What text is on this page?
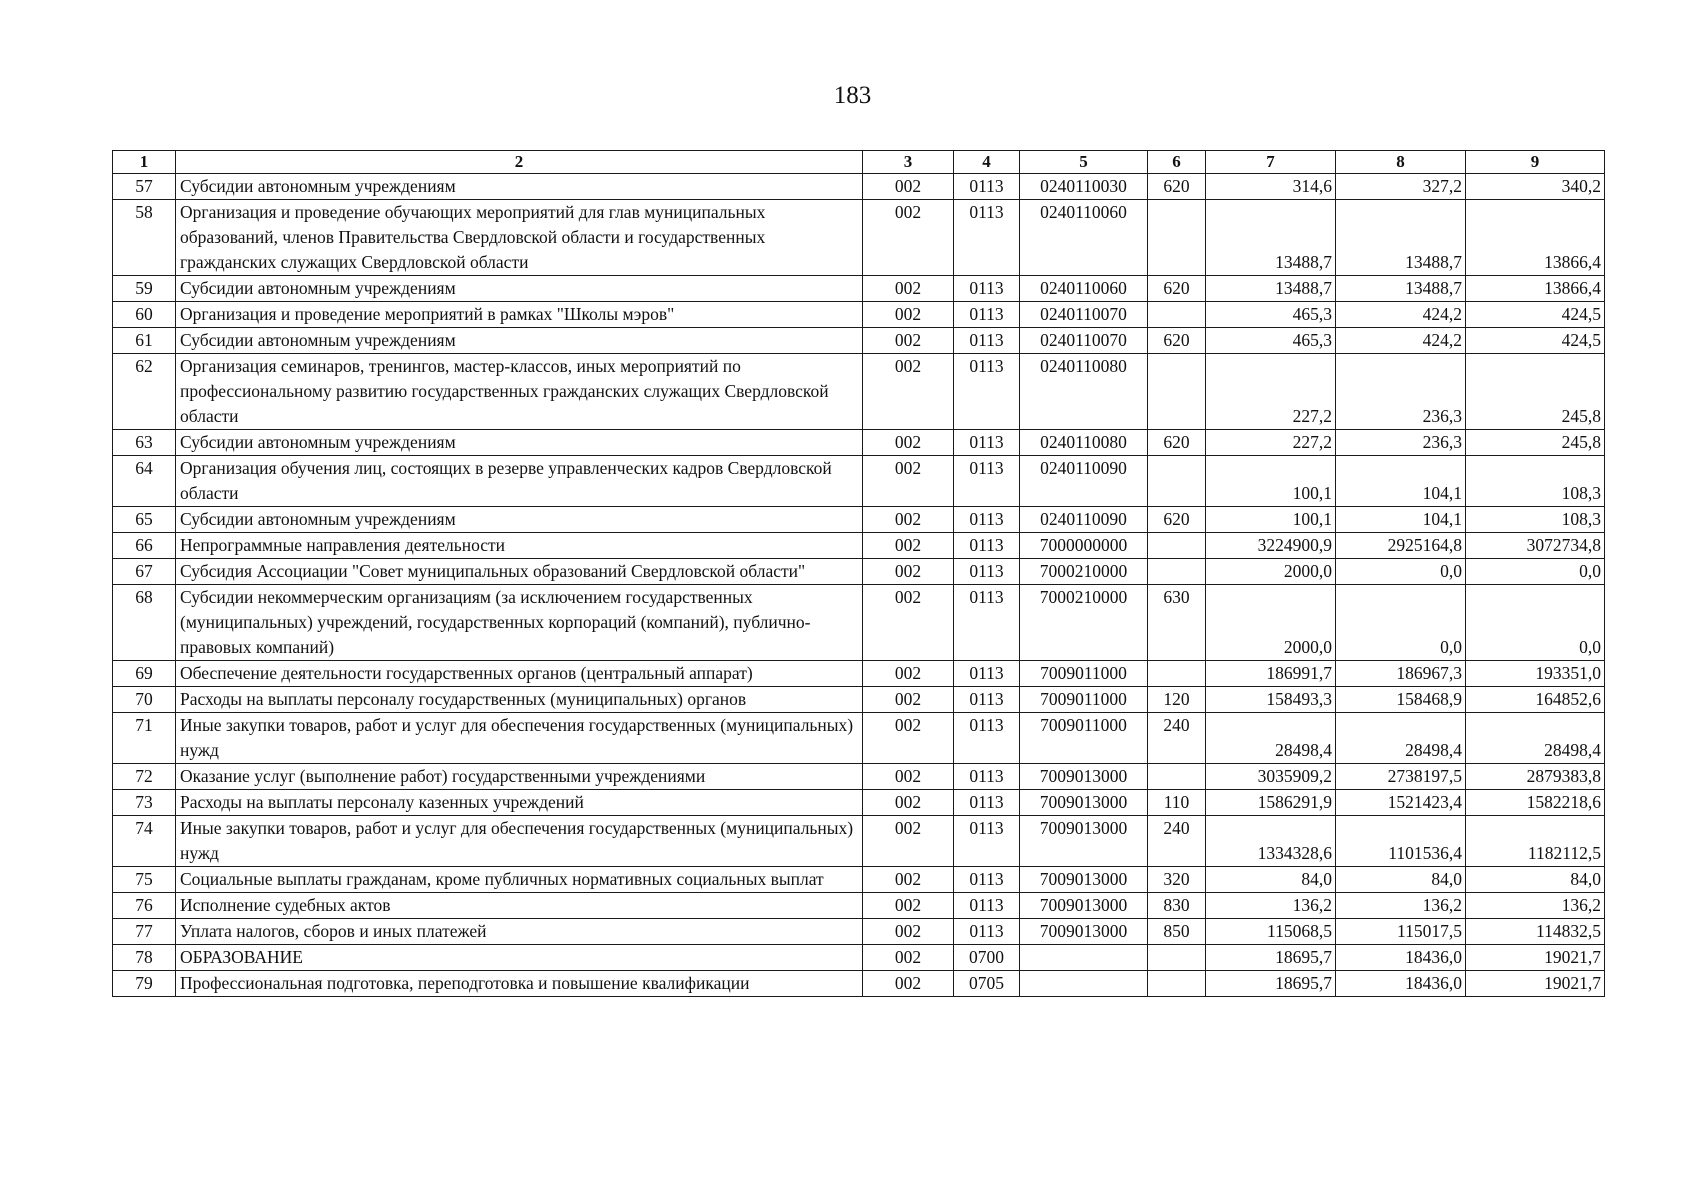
183
1	2	3	4	5	6	7	8	9
57	Субсидии автономным учреждениям	002	0113	0240110030	620	314,6	327,2	340,2
58	Организация и проведение обучающих мероприятий для глав муниципальных образований, членов Правительства Свердловской области и государственных гражданских служащих Свердловской области	002	0113	0240110060		13488,7	13488,7	13866,4
59	Субсидии автономным учреждениям	002	0113	0240110060	620	13488,7	13488,7	13866,4
60	Организация и проведение мероприятий в рамках "Школы мэров"	002	0113	0240110070		465,3	424,2	424,5
61	Субсидии автономным учреждениям	002	0113	0240110070	620	465,3	424,2	424,5
62	Организация семинаров, тренингов, мастер-классов, иных мероприятий по профессиональному развитию государственных гражданских служащих Свердловской области	002	0113	0240110080		227,2	236,3	245,8
63	Субсидии автономным учреждениям	002	0113	0240110080	620	227,2	236,3	245,8
64	Организация обучения лиц, состоящих в резерве управленческих кадров Свердловской области	002	0113	0240110090		100,1	104,1	108,3
65	Субсидии автономным учреждениям	002	0113	0240110090	620	100,1	104,1	108,3
66	Непрограммные направления деятельности	002	0113	7000000000		3224900,9	2925164,8	3072734,8
67	Субсидия Ассоциации "Совет муниципальных образований Свердловской области"	002	0113	7000210000		2000,0	0,0	0,0
68	Субсидии некоммерческим организациям (за исключением государственных (муниципальных) учреждений, государственных корпораций (компаний), публично-правовых компаний)	002	0113	7000210000	630	2000,0	0,0	0,0
69	Обеспечение деятельности государственных органов (центральный аппарат)	002	0113	7009011000		186991,7	186967,3	193351,0
70	Расходы на выплаты персоналу государственных (муниципальных) органов	002	0113	7009011000	120	158493,3	158468,9	164852,6
71	Иные закупки товаров, работ и услуг для обеспечения государственных (муниципальных) нужд	002	0113	7009011000	240	28498,4	28498,4	28498,4
72	Оказание услуг (выполнение работ) государственными учреждениями	002	0113	7009013000		3035909,2	2738197,5	2879383,8
73	Расходы на выплаты персоналу казенных учреждений	002	0113	7009013000	110	1586291,9	1521423,4	1582218,6
74	Иные закупки товаров, работ и услуг для обеспечения государственных (муниципальных) нужд	002	0113	7009013000	240	1334328,6	1101536,4	1182112,5
75	Социальные выплаты гражданам, кроме публичных нормативных социальных выплат	002	0113	7009013000	320	84,0	84,0	84,0
76	Исполнение судебных актов	002	0113	7009013000	830	136,2	136,2	136,2
77	Уплата налогов, сборов и иных платежей	002	0113	7009013000	850	115068,5	115017,5	114832,5
78	ОБРАЗОВАНИЕ	002	0700			18695,7	18436,0	19021,7
79	Профессиональная подготовка, переподготовка и повышение квалификации	002	0705			18695,7	18436,0	19021,7
